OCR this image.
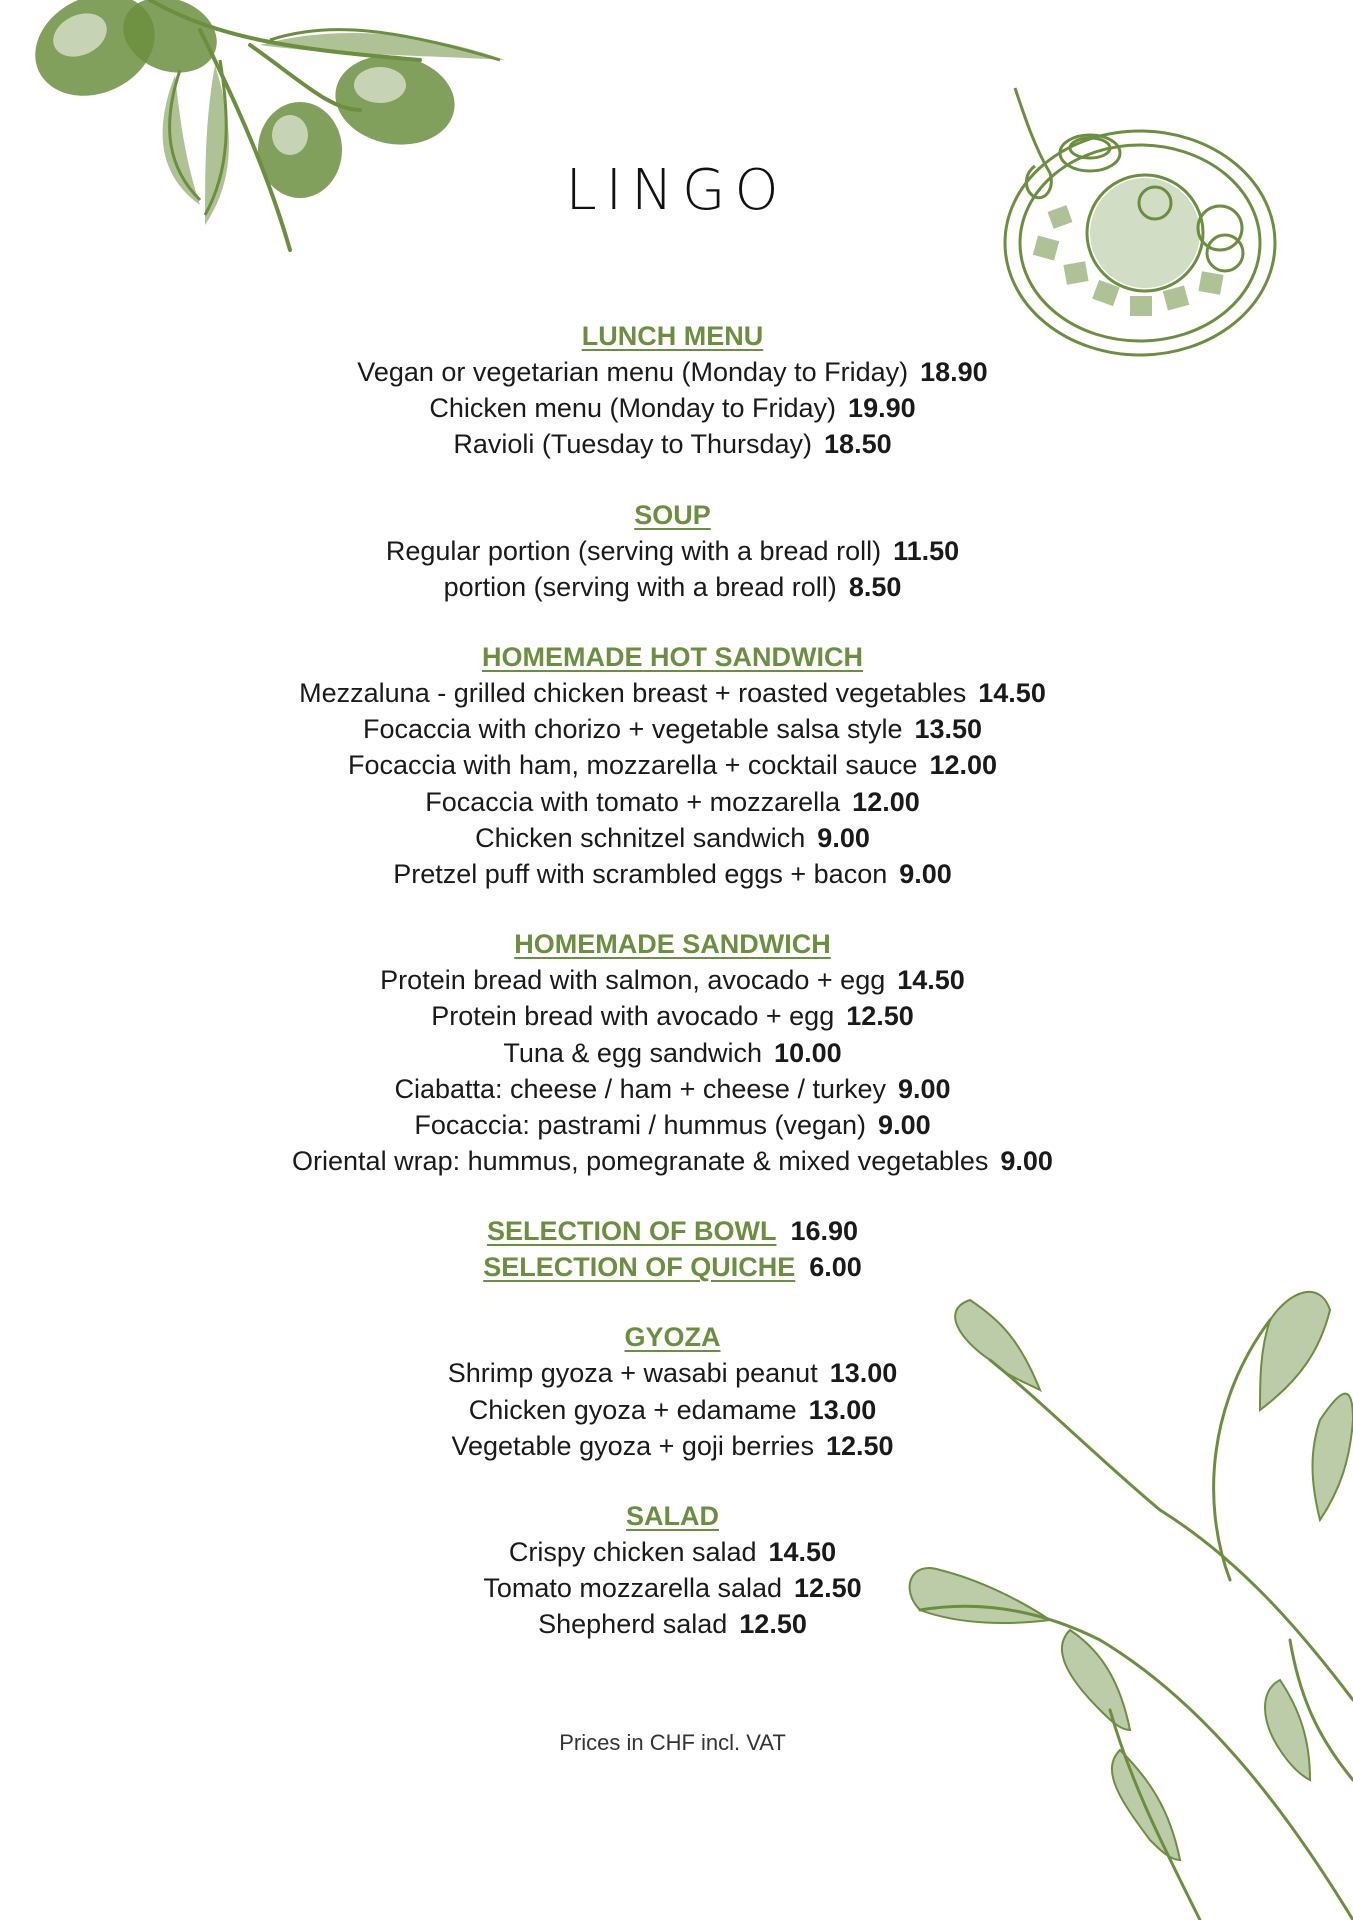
LINGO
LUNCH MENU
Vegan or vegetarian menu (Monday to Friday) 18.90
Chicken menu (Monday to Friday) 19.90
Ravioli (Tuesday to Thursday) 18.50
SOUP
Regular portion (serving with a bread roll) 11.50
portion (serving with a bread roll) 8.50
HOMEMADE HOT SANDWICH
Mezzaluna - grilled chicken breast + roasted vegetables 14.50
Focaccia with chorizo + vegetable salsa style 13.50
Focaccia with ham, mozzarella + cocktail sauce 12.00
Focaccia with tomato + mozzarella 12.00
Chicken schnitzel sandwich 9.00
Pretzel puff with scrambled eggs + bacon 9.00
HOMEMADE SANDWICH
Protein bread with salmon, avocado + egg 14.50
Protein bread with avocado + egg 12.50
Tuna & egg sandwich 10.00
Ciabatta: cheese / ham + cheese / turkey 9.00
Focaccia: pastrami / hummus (vegan) 9.00
Oriental wrap: hummus, pomegranate & mixed vegetables 9.00
SELECTION OF BOWL 16.90
SELECTION OF QUICHE 6.00
GYOZA
Shrimp gyoza + wasabi peanut 13.00
Chicken gyoza + edamame 13.00
Vegetable gyoza + goji berries 12.50
SALAD
Crispy chicken salad 14.50
Tomato mozzarella salad 12.50
Shepherd salad 12.50
Prices in CHF incl. VAT
